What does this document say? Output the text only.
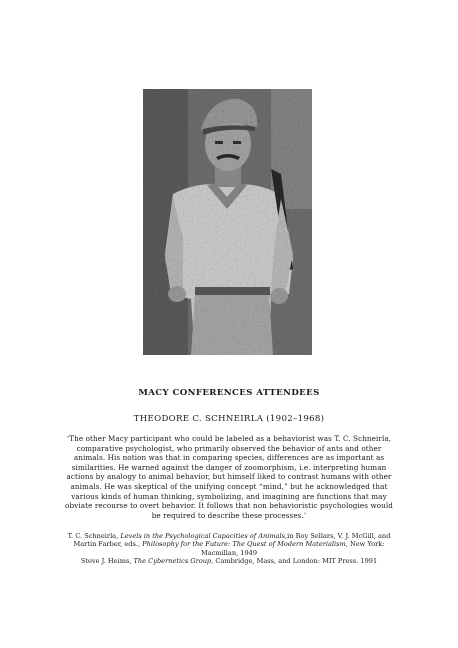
MACY CONFERENCES ATTENDEES
THEODORE C. SCHNEIRLA (1902–1968)

‘The other Macy participant who could be labeled as a behaviorist was T. C. Schneirla, comparative psychologist, who primarily observed the behavior of ants and other animals. His notion was that in comparing species, differences are as important as similarities. He warned against the danger of zoomorphism, i.e. interpreting human actions by analogy to animal behavior, but himself liked to contrast humans with other animals. He was skeptical of the unifying concept “mind,” but he acknowledged that various kinds of human thinking, symbolizing, and imagining are functions that may obviate recourse to overt behavior. It follows that non behavioristic psychologies would be required to describe these processes.’

T. C. Schneirla, Levels in the Psychological Capacities of Animals,in Roy Sellars, V. J. McGill, and Martin Farber, eds., Philosophy for the Future: The Quest of Modern Materialism, New York: Macmillan, 1949

Steve J. Heims, The Cybernetics Group, Cambridge, Mass, and London: MIT Press. 1991
